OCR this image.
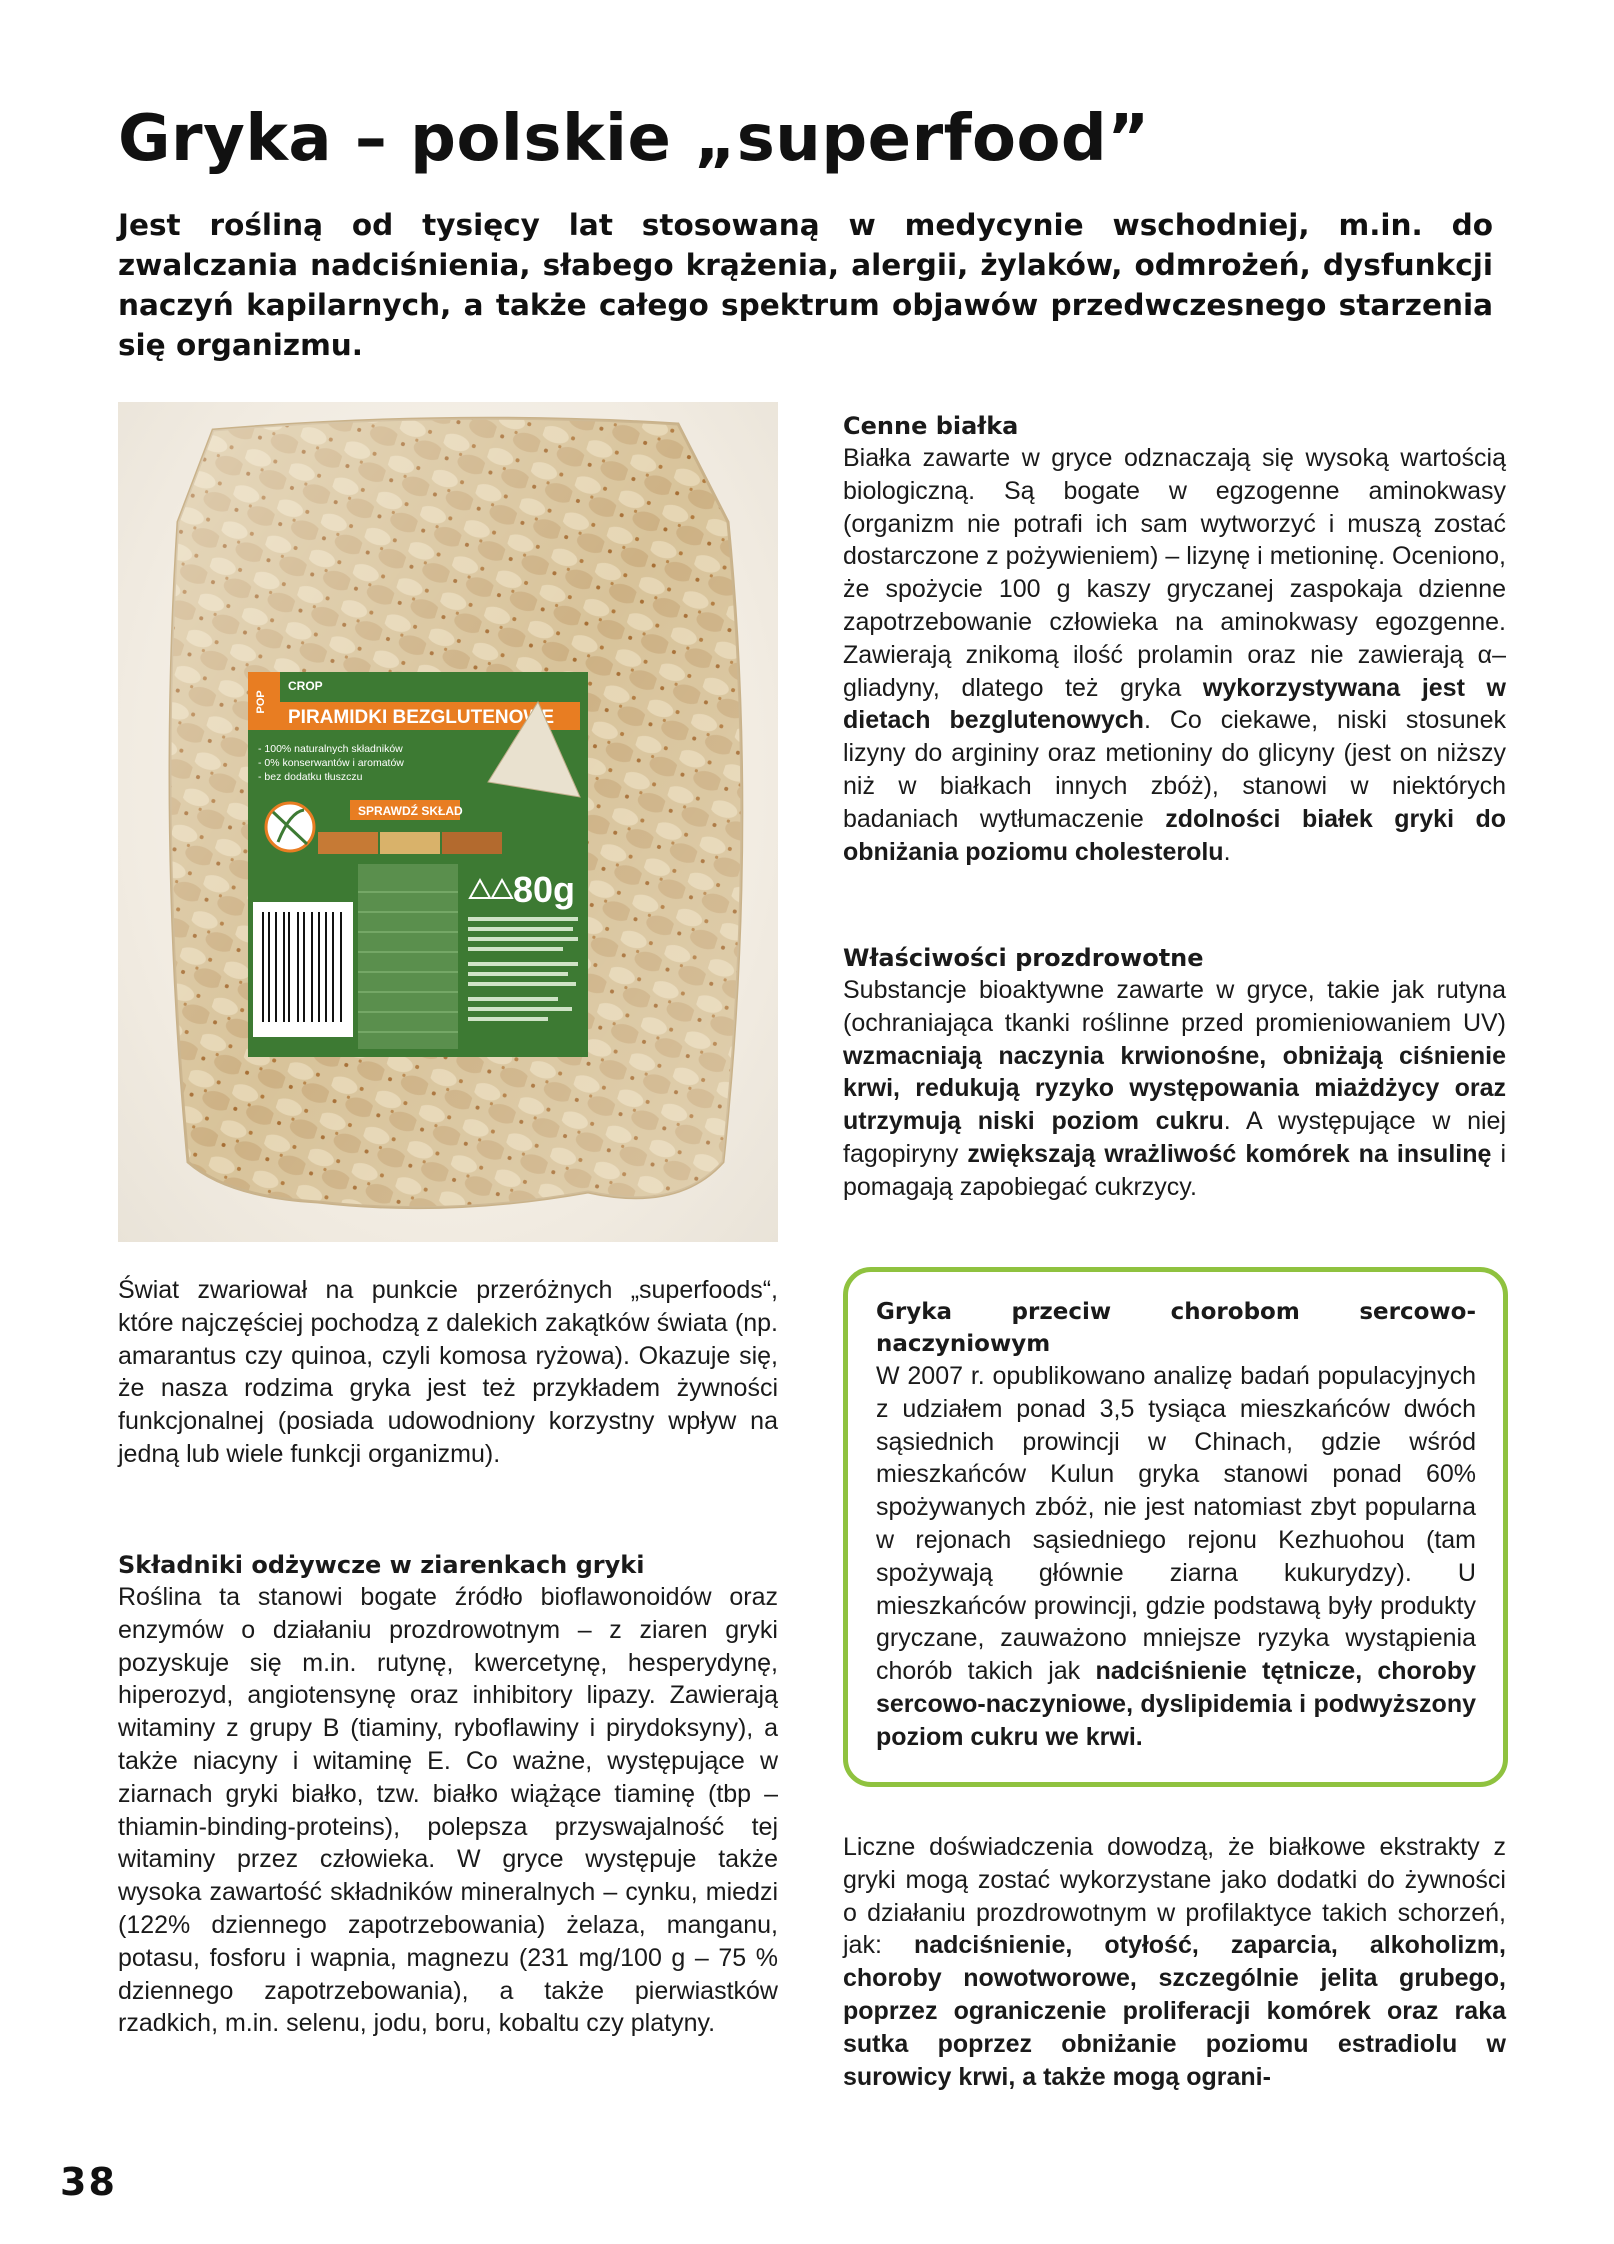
Gryka – polskie „superfood”

Jest rośliną od tysięcy lat stosowaną w medycynie wschodniej, m.in. do zwalczania nadciśnienia, słabego krążenia, alergii, żylaków, odmrożeń, dysfunkcji naczyń kapilarnych, a także całego spektrum objawów przedwczesnego starzenia się organizmu.

POP
CROP
PIRAMIDKI BEZGLUTENOWE
- 100% naturalnych składników
- 0% konserwantów i aromatów
- bez dodatku tłuszczu
SPRAWDŹ SKŁAD
80g
Cenne białka

Białka zawarte w gryce odznaczają się wysoką wartością biologiczną. Są bogate w egzogenne aminokwasy (organizm nie potrafi ich sam wytworzyć i muszą zostać dostarczone z pożywieniem) – lizynę i metioninę. Oceniono, że spożycie 100 g kaszy gryczanej zaspokaja dzienne zapotrzebowanie człowieka na aminokwasy egozgenne. Zawierają znikomą ilość prolamin oraz nie zawierają α–gliadyny, dlatego też gryka wykorzystywana jest w dietach bezglutenowych. Co ciekawe, niski stosunek lizyny do argininy oraz metioniny do glicyny (jest on niższy niż w białkach innych zbóż), stanowi w niektórych badaniach wytłumaczenie zdolności białek gryki do obniżania poziomu cholesterolu.

Właściwości prozdrowotne

Substancje bioaktywne zawarte w gryce, takie jak rutyna (ochraniająca tkanki roślinne przed promieniowaniem UV) wzmacniają naczynia krwionośne, obniżają ciśnienie krwi, redukują ryzyko występowania miażdżycy oraz utrzymują niski poziom cukru. A występujące w niej fagopiryny zwiększają wrażliwość komórek na insulinę i pomagają zapobiegać cukrzycy.

Świat zwariował na punkcie przeróżnych „superfoods“, które najczęściej pochodzą z dalekich zakątków świata (np. amarantus czy quinoa, czyli komosa ryżowa). Okazuje się, że nasza rodzima gryka jest też przykładem żywności funkcjonalnej (posiada udowodniony korzystny wpływ na jedną lub wiele funkcji organizmu).

Składniki odżywcze w ziarenkach gryki

Roślina ta stanowi bogate źródło bioflawonoidów oraz enzymów o działaniu prozdrowotnym – z ziaren gryki pozyskuje się m.in. rutynę, kwercetynę, hesperydynę, hiperozyd, angiotensynę oraz inhibitory lipazy. Zawierają witaminy z grupy B (tiaminy, ryboflawiny i pirydoksyny), a także niacyny i witaminę E. Co ważne, występujące w ziarnach gryki białko, tzw. białko wiążące tiaminę (tbp – thiamin-binding-proteins), polepsza przyswajalność tej witaminy przez człowieka. W gryce występuje także wysoka zawartość składników mineralnych – cynku, miedzi (122% dziennego zapotrzebowania) żelaza, manganu, potasu, fosforu i wapnia, magnezu (231 mg/100 g – 75 % dziennego zapotrzebowania), a także pierwiastków rzadkich, m.in. selenu, jodu, boru, kobaltu czy platyny.

Gryka przeciw chorobom sercowo-naczyniowym

W 2007 r. opublikowano analizę badań populacyjnych z udziałem ponad 3,5 tysiąca mieszkańców dwóch sąsiednich prowincji w Chinach, gdzie wśród mieszkańców Kulun gryka stanowi ponad 60% spożywanych zbóż, nie jest natomiast zbyt popularna w rejonach sąsiedniego rejonu Kezhuohou (tam spożywają głównie ziarna kukurydzy). U mieszkańców prowincji, gdzie podstawą były produkty gryczane, zauważono mniejsze ryzyka wystąpienia chorób takich jak nadciśnienie tętnicze, choroby sercowo-naczyniowe, dyslipidemia i podwyższony poziom cukru we krwi.

Liczne doświadczenia dowodzą, że białkowe ekstrakty z gryki mogą zostać wykorzystane jako dodatki do żywności o działaniu prozdrowotnym w profilaktyce takich schorzeń, jak: nadciśnienie, otyłość, zaparcia, alkoholizm, choroby nowotworowe, szczególnie jelita grubego, poprzez ograniczenie proliferacji komórek oraz raka sutka poprzez obniżanie poziomu estradiolu w surowicy krwi, a także mogą ograni-

38
